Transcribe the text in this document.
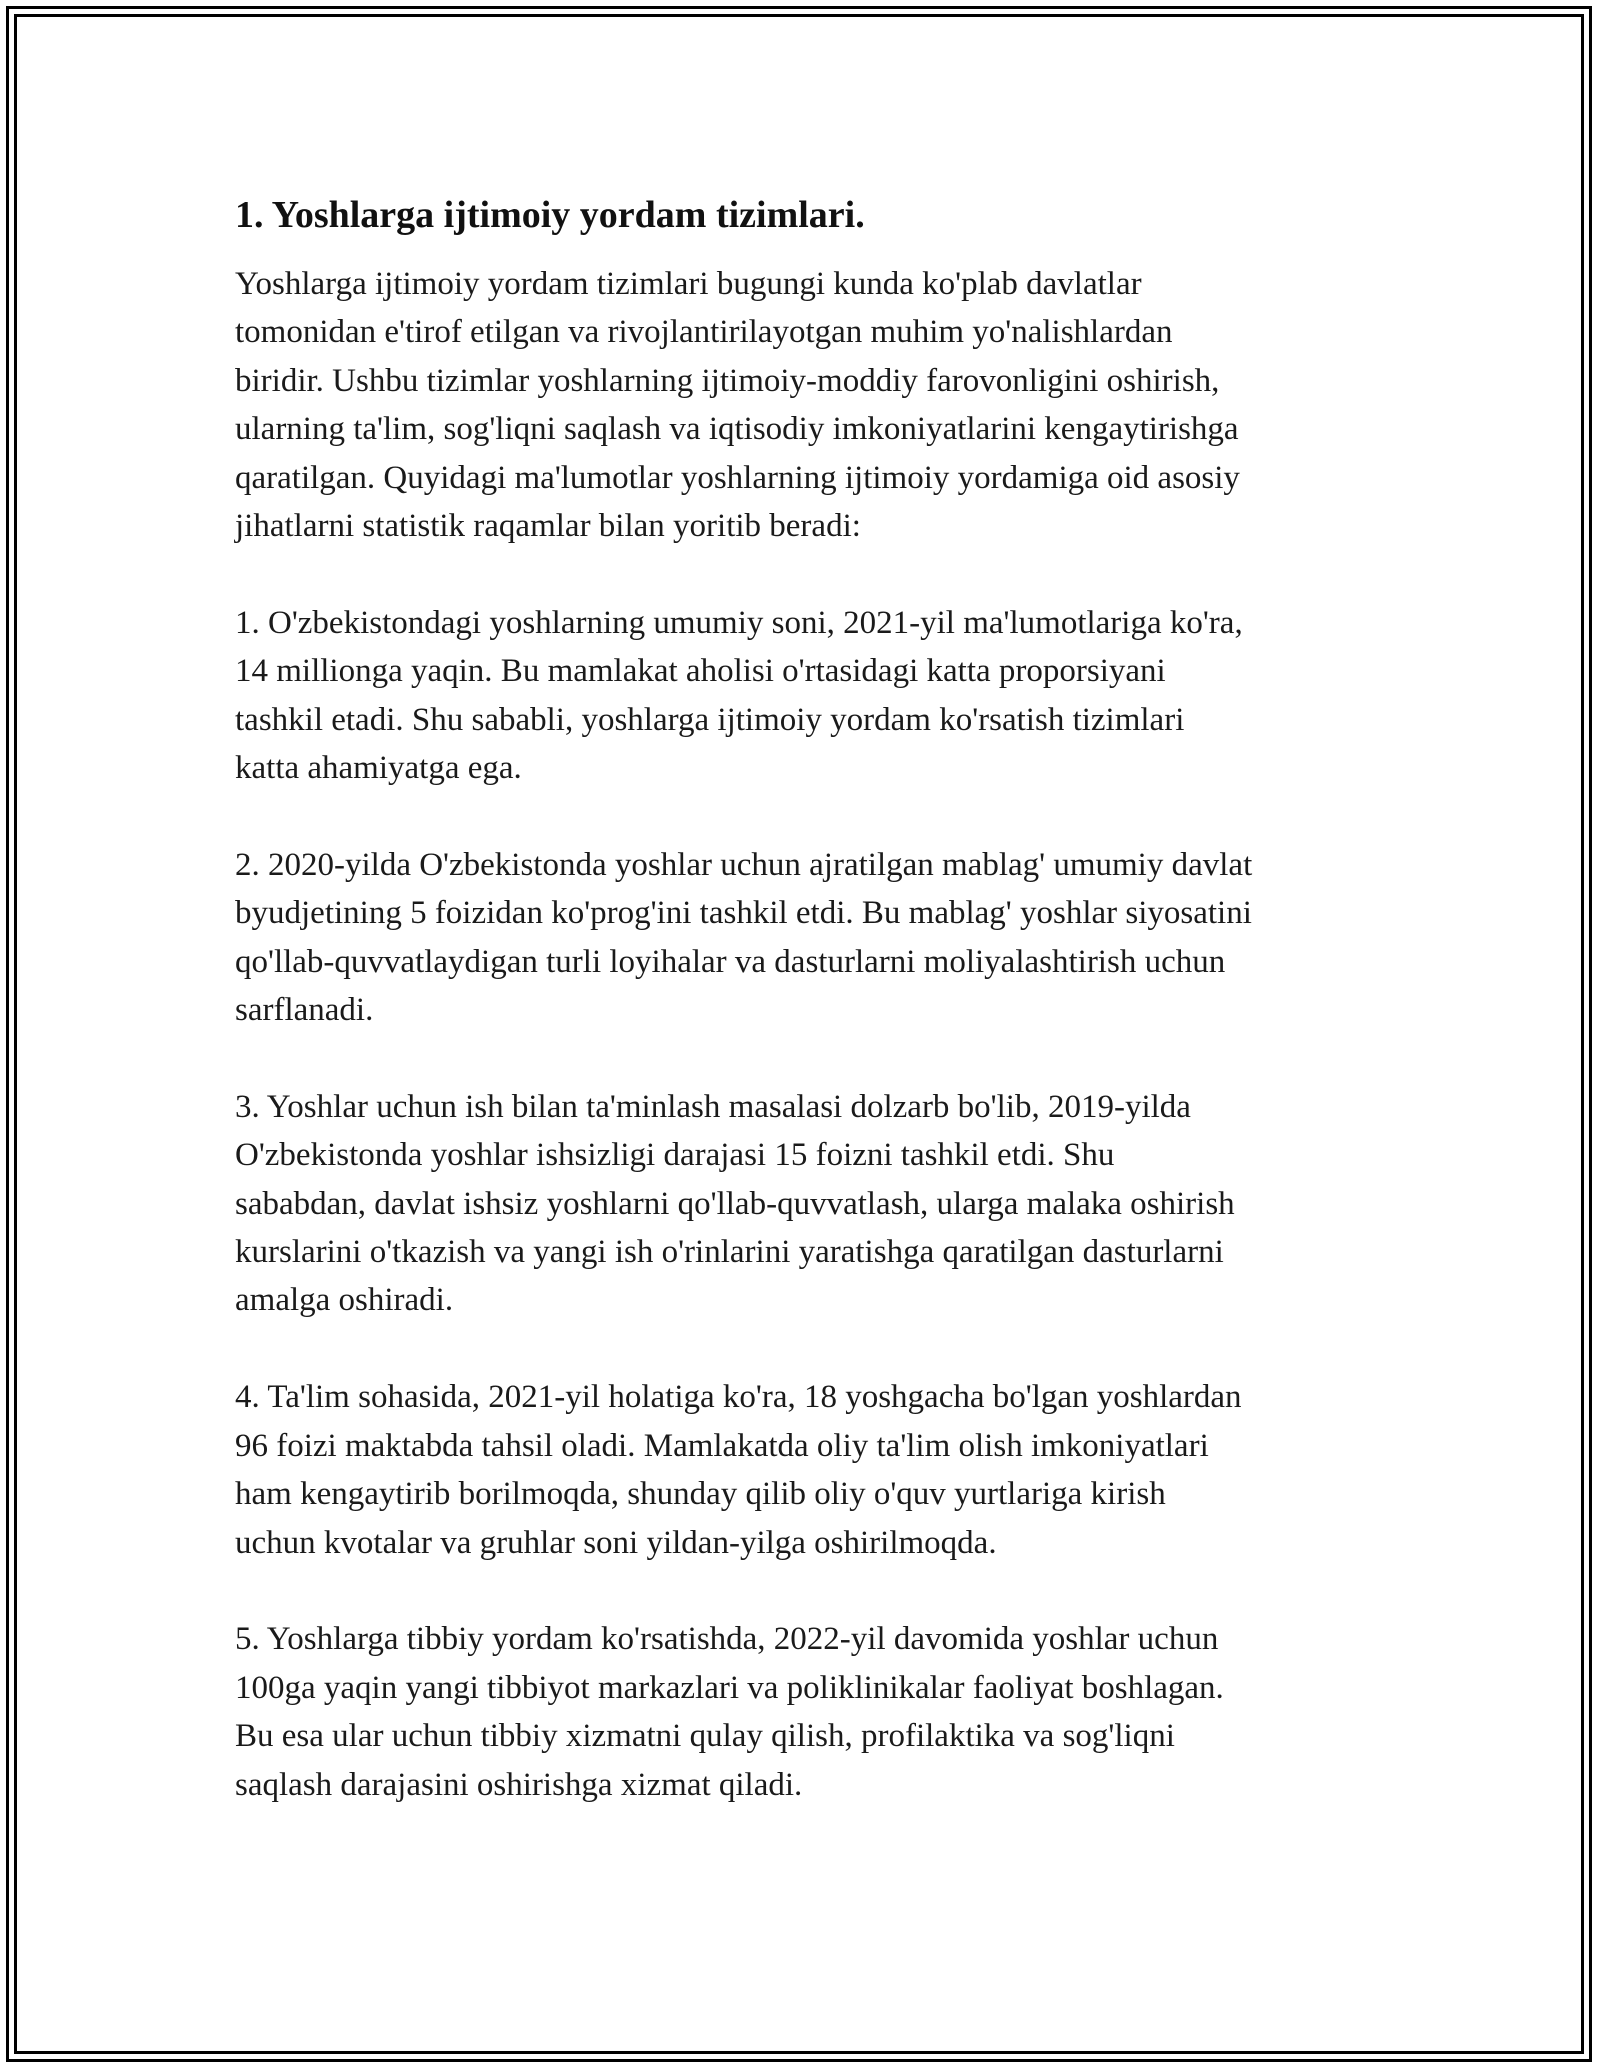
1. Yoshlarga ijtimoiy yordam tizimlari.

Yoshlarga ijtimoiy yordam tizimlari bugungi kunda ko'plab davlatlar
tomonidan e'tirof etilgan va rivojlantirilayotgan muhim yo'nalishlardan
biridir. Ushbu tizimlar yoshlarning ijtimoiy-moddiy farovonligini oshirish,
ularning ta'lim, sog'liqni saqlash va iqtisodiy imkoniyatlarini kengaytirishga
qaratilgan. Quyidagi ma'lumotlar yoshlarning ijtimoiy yordamiga oid asosiy
jihatlarni statistik raqamlar bilan yoritib beradi:

1. O'zbekistondagi yoshlarning umumiy soni, 2021-yil ma'lumotlariga ko'ra,
14 millionga yaqin. Bu mamlakat aholisi o'rtasidagi katta proporsiyani
tashkil etadi. Shu sababli, yoshlarga ijtimoiy yordam ko'rsatish tizimlari
katta ahamiyatga ega.

2. 2020-yilda O'zbekistonda yoshlar uchun ajratilgan mablag' umumiy davlat
byudjetining 5 foizidan ko'prog'ini tashkil etdi. Bu mablag' yoshlar siyosatini
qo'llab-quvvatlaydigan turli loyihalar va dasturlarni moliyalashtirish uchun
sarflanadi.

3. Yoshlar uchun ish bilan ta'minlash masalasi dolzarb bo'lib, 2019-yilda
O'zbekistonda yoshlar ishsizligi darajasi 15 foizni tashkil etdi. Shu
sababdan, davlat ishsiz yoshlarni qo'llab-quvvatlash, ularga malaka oshirish
kurslarini o'tkazish va yangi ish o'rinlarini yaratishga qaratilgan dasturlarni
amalga oshiradi.

4. Ta'lim sohasida, 2021-yil holatiga ko'ra, 18 yoshgacha bo'lgan yoshlardan
96 foizi maktabda tahsil oladi. Mamlakatda oliy ta'lim olish imkoniyatlari
ham kengaytirib borilmoqda, shunday qilib oliy o'quv yurtlariga kirish
uchun kvotalar va gruhlar soni yildan-yilga oshirilmoqda.

5. Yoshlarga tibbiy yordam ko'rsatishda, 2022-yil davomida yoshlar uchun
100ga yaqin yangi tibbiyot markazlari va poliklinikalar faoliyat boshlagan.
Bu esa ular uchun tibbiy xizmatni qulay qilish, profilaktika va sog'liqni
saqlash darajasini oshirishga xizmat qiladi.
